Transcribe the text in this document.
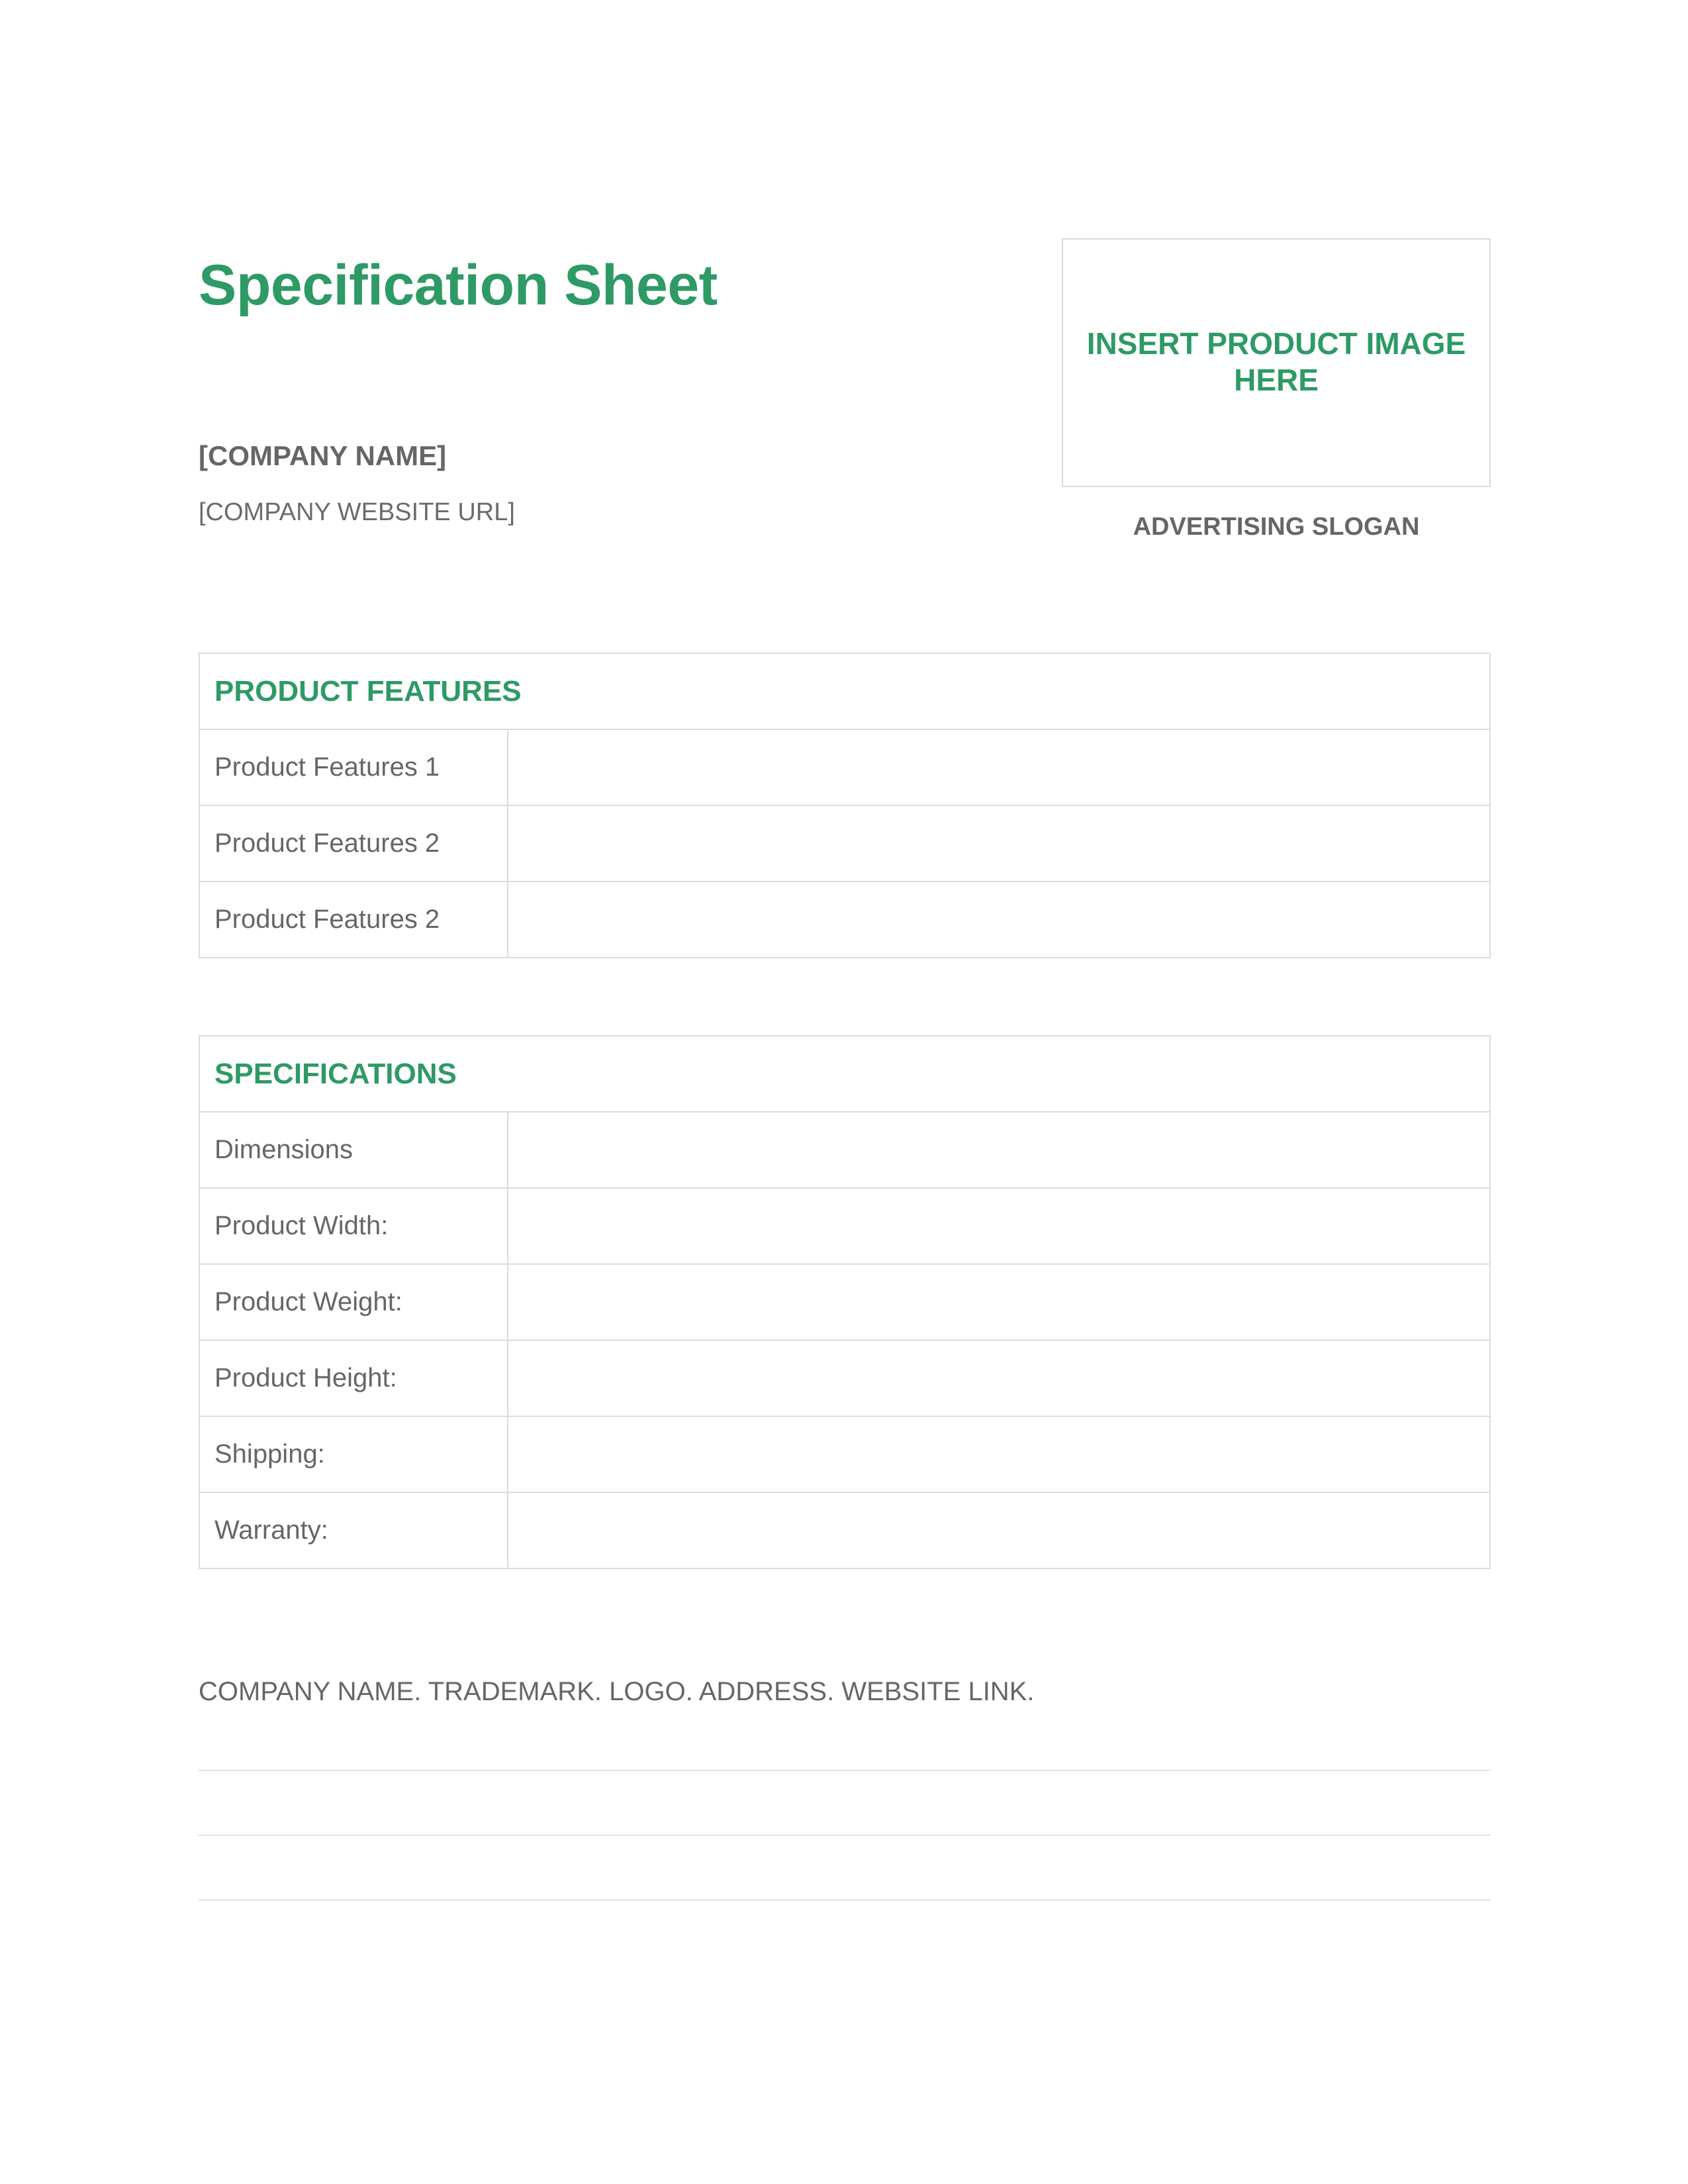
Specification Sheet
[COMPANY NAME]
[COMPANY WEBSITE URL]
INSERT PRODUCT IMAGE HERE
ADVERTISING SLOGAN
PRODUCT FEATURES	
Product Features 1	
Product Features 2	
Product Features 2	
SPECIFICATIONS	
Dimensions	
Product Width:	
Product Weight:	
Product Height:	
Shipping:	
Warranty:	
COMPANY NAME. TRADEMARK. LOGO. ADDRESS. WEBSITE LINK.
